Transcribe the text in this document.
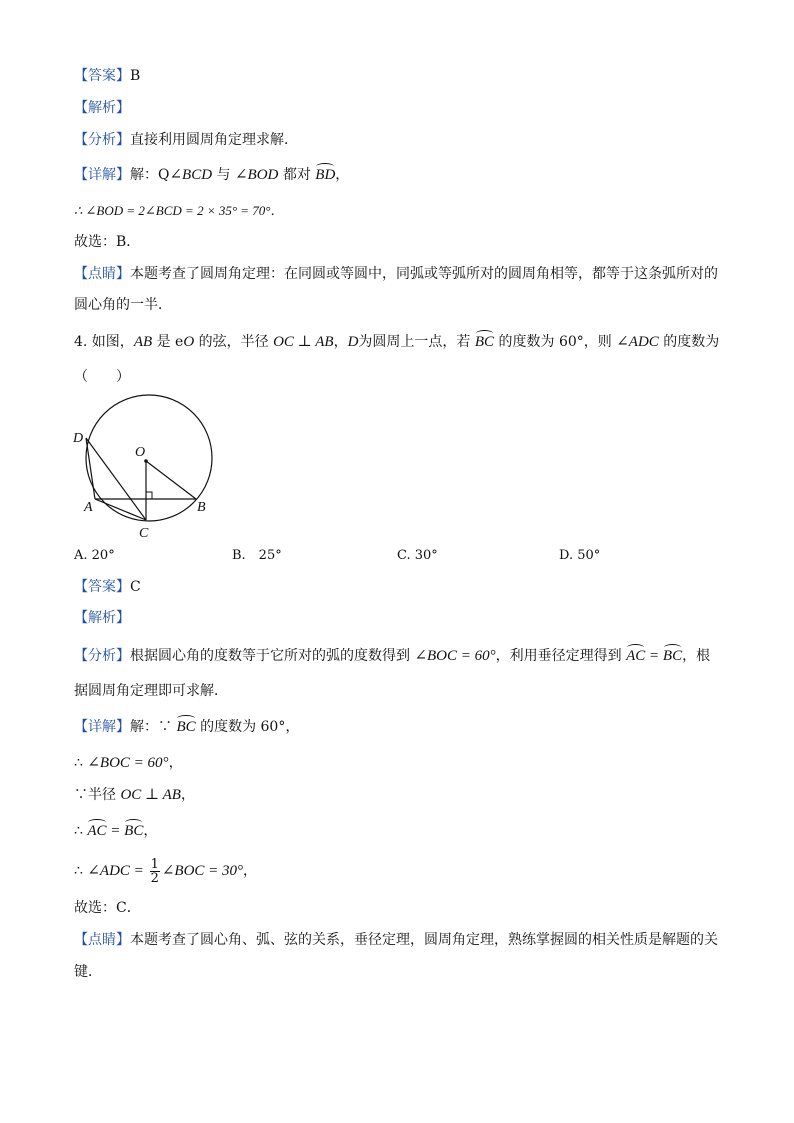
【答案】B
【解析】
【分析】直接利用圆周角定理求解．
【详解】解：Q∠BCD 与 ∠BOD 都对 BD，
∴ ∠BOD = 2∠BCD = 2 × 35° = 70°．
故选：B．
【点睛】本题考查了圆周角定理：在同圆或等圆中，同弧或等弧所对的圆周角相等，都等于这条弧所对的
圆心角的一半．
4. 如图，AB 是 eO 的弦，半径 OC ⊥ AB，D为圆周上一点，若 BC 的度数为 60°，则 ∠ADC 的度数为
（　　）
D
O
A	B
C
A. 20°	B.　25°	C. 30°	D. 50°
【答案】C
【解析】
【分析】根据圆心角的度数等于它所对的弧的度数得到 ∠BOC = 60°，利用垂径定理得到 AC = BC，根
据圆周角定理即可求解．
【详解】解：∵ BC 的度数为 60°，
∴ ∠BOC = 60°，
∵半径 OC ⊥ AB，
∴ AC = BC，
∴ ∠ADC = $\frac{1}{2}$ ∠BOC = 30°，
故选：C．
【点睛】本题考查了圆心角、弧、弦的关系，垂径定理，圆周角定理，熟练掌握圆的相关性质是解题的关
键．
